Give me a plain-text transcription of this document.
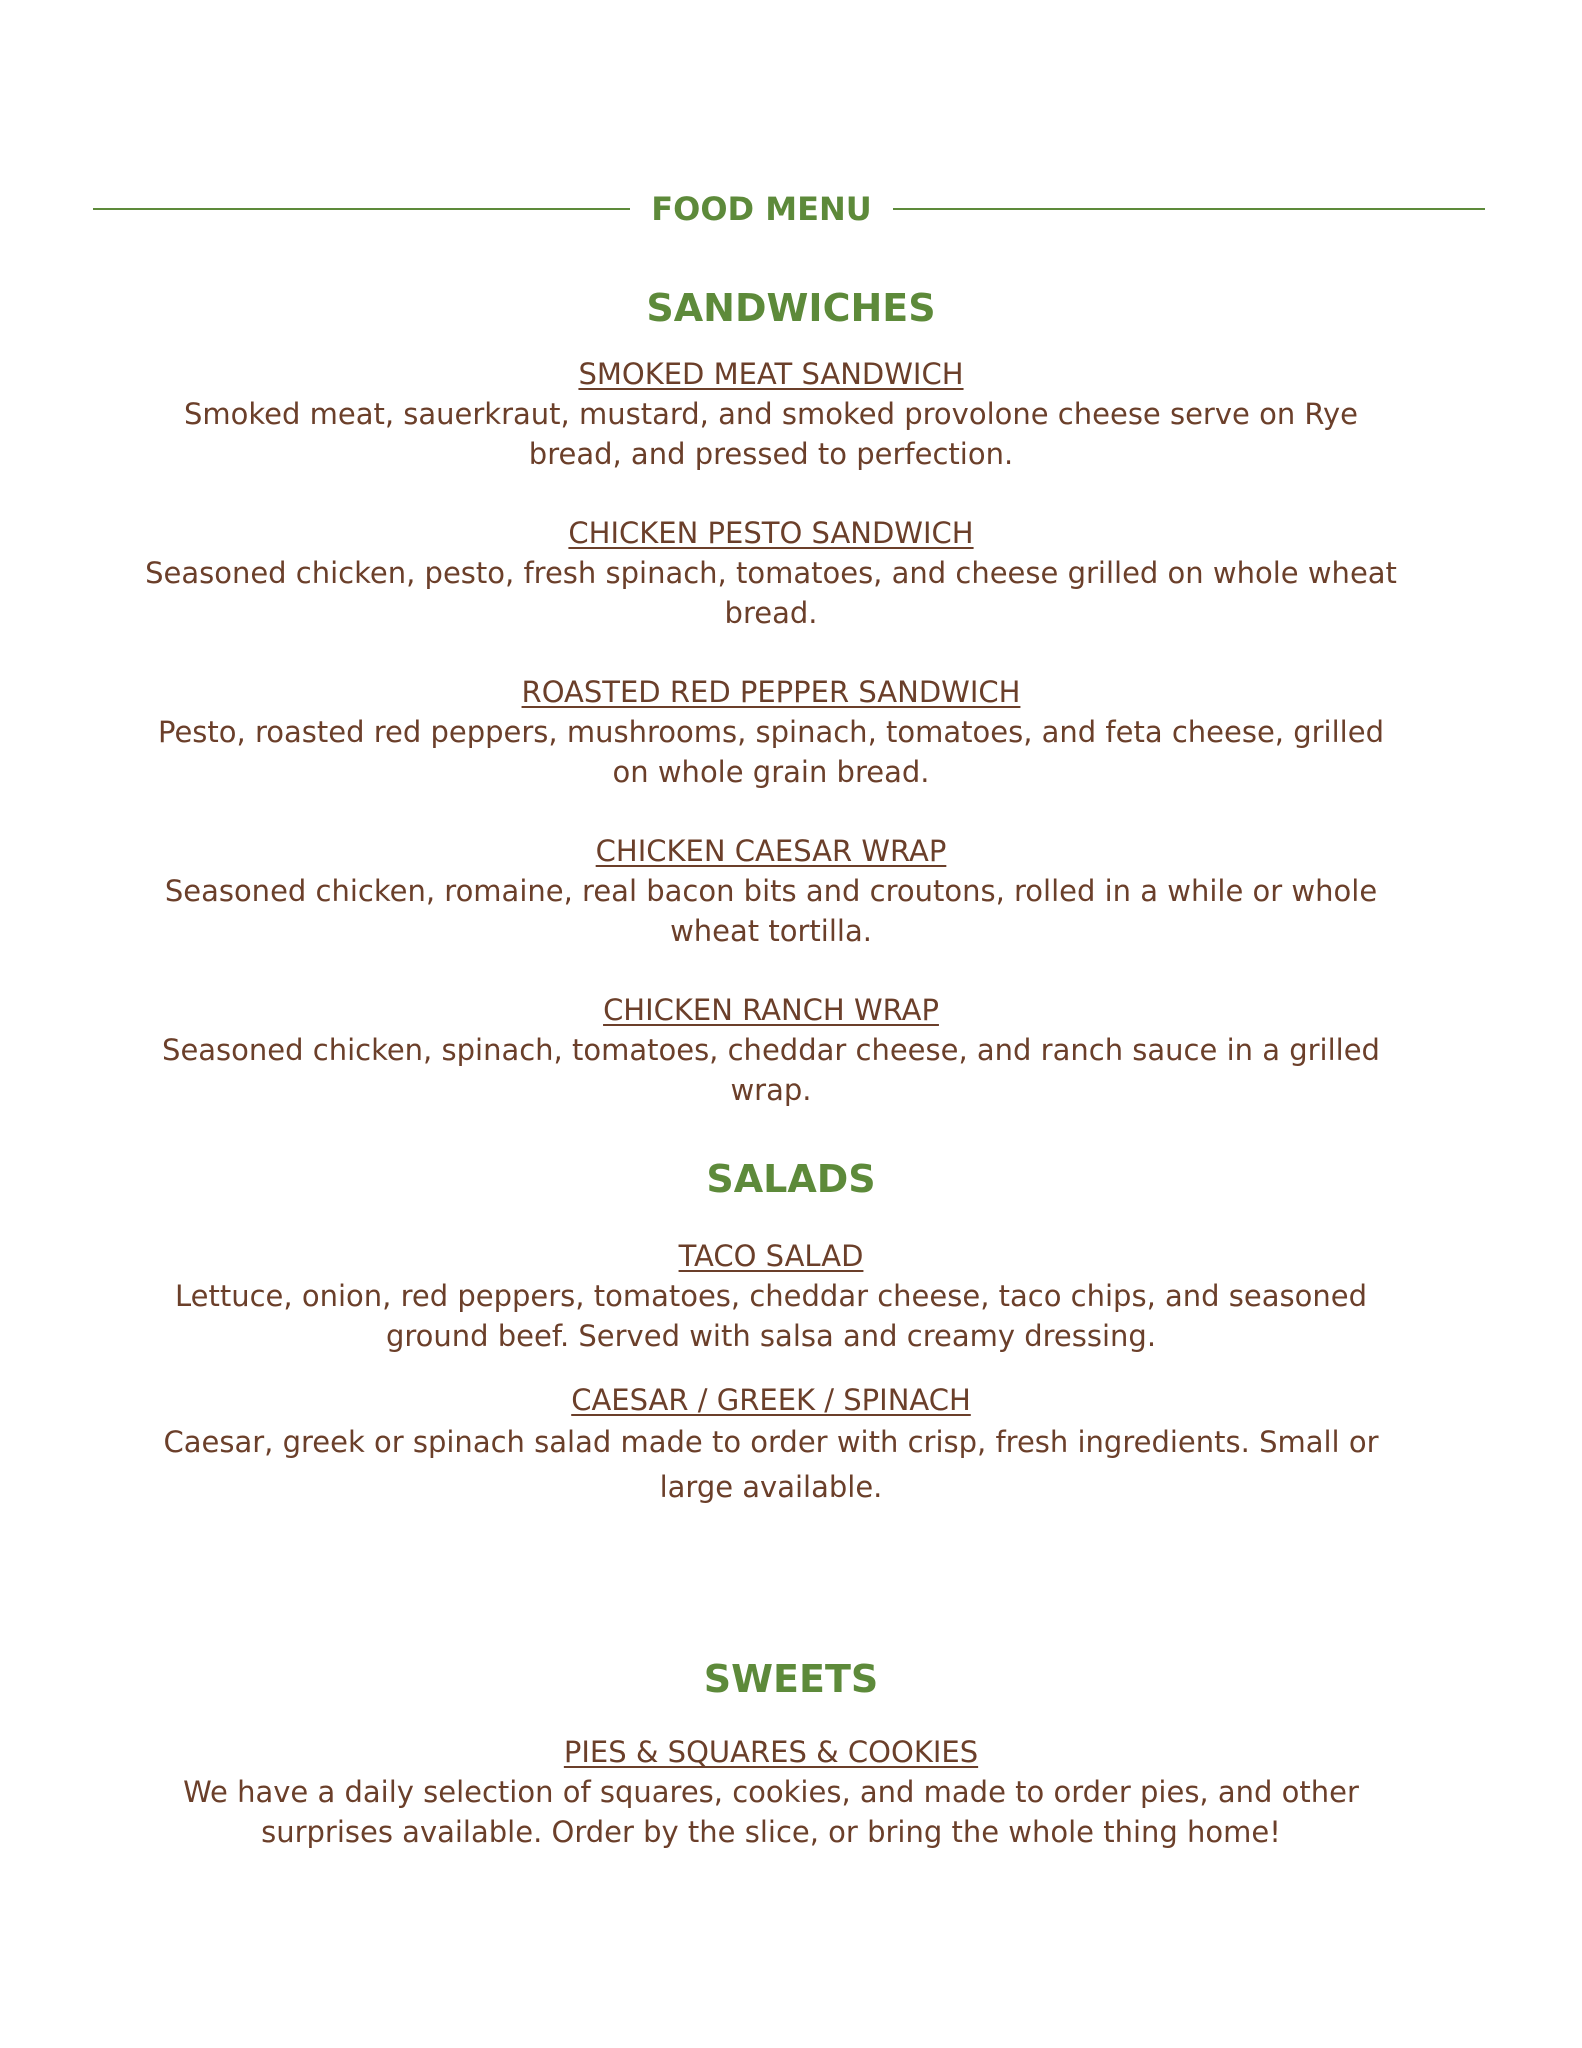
FOOD MENU
SANDWICHES
SMOKED MEAT SANDWICH
Smoked meat, sauerkraut, mustard, and smoked provolone cheese serve on Rye bread, and pressed to perfection.
CHICKEN PESTO SANDWICH
Seasoned chicken, pesto, fresh spinach, tomatoes, and cheese grilled on whole wheat bread.
ROASTED RED PEPPER SANDWICH
Pesto, roasted red peppers, mushrooms, spinach, tomatoes, and feta cheese, grilled on whole grain bread.
CHICKEN CAESAR WRAP
Seasoned chicken, romaine, real bacon bits and croutons, rolled in a while or whole wheat tortilla.
CHICKEN RANCH WRAP
Seasoned chicken, spinach, tomatoes, cheddar cheese, and ranch sauce in a grilled wrap.
SALADS
TACO SALAD
Lettuce, onion, red peppers, tomatoes, cheddar cheese, taco chips, and seasoned ground beef. Served with salsa and creamy dressing.
CAESAR / GREEK / SPINACH
Caesar, greek or spinach salad made to order with crisp, fresh ingredients. Small or large available.
SWEETS
PIES & SQUARES & COOKIES
We have a daily selection of squares, cookies, and made to order pies, and other surprises available. Order by the slice, or bring the whole thing home!
